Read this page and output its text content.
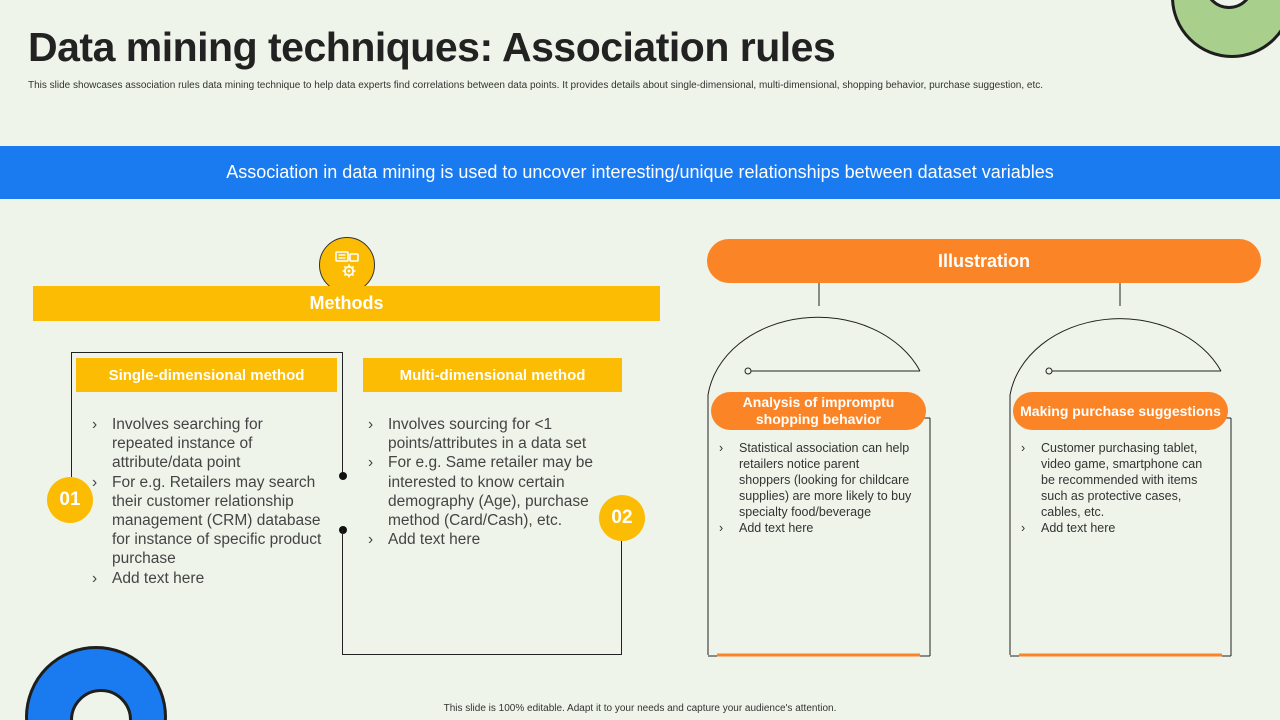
Data mining techniques: Association rules

This slide showcases association rules data mining technique to help data experts find correlations between data points. It provides details about single-dimensional, multi-dimensional, shopping behavior, purchase suggestion, etc.

Association in data mining is used to uncover interesting/unique relationships between dataset variables
Methods
Single-dimensional method
01
› Involves searching for repeated instance of attribute/data point
› For e.g. Retailers may search their customer relationship management (CRM) database for instance of specific product purchase
› Add text here
Multi-dimensional method
02
› Involves sourcing for <1 points/attributes in a data set
› For e.g. Same retailer may be interested to know certain demography (Age), purchase method (Card/Cash), etc.
› Add text here
Illustration
Analysis of impromptu shopping behavior
› Statistical association can help retailers notice parent shoppers (looking for childcare supplies) are more likely to buy specialty food/beverage
› Add text here
Making purchase suggestions
› Customer purchasing tablet, video game, smartphone can be recommended with items such as protective cases, cables, etc.
› Add text here

This slide is 100% editable. Adapt it to your needs and capture your audience's attention.
